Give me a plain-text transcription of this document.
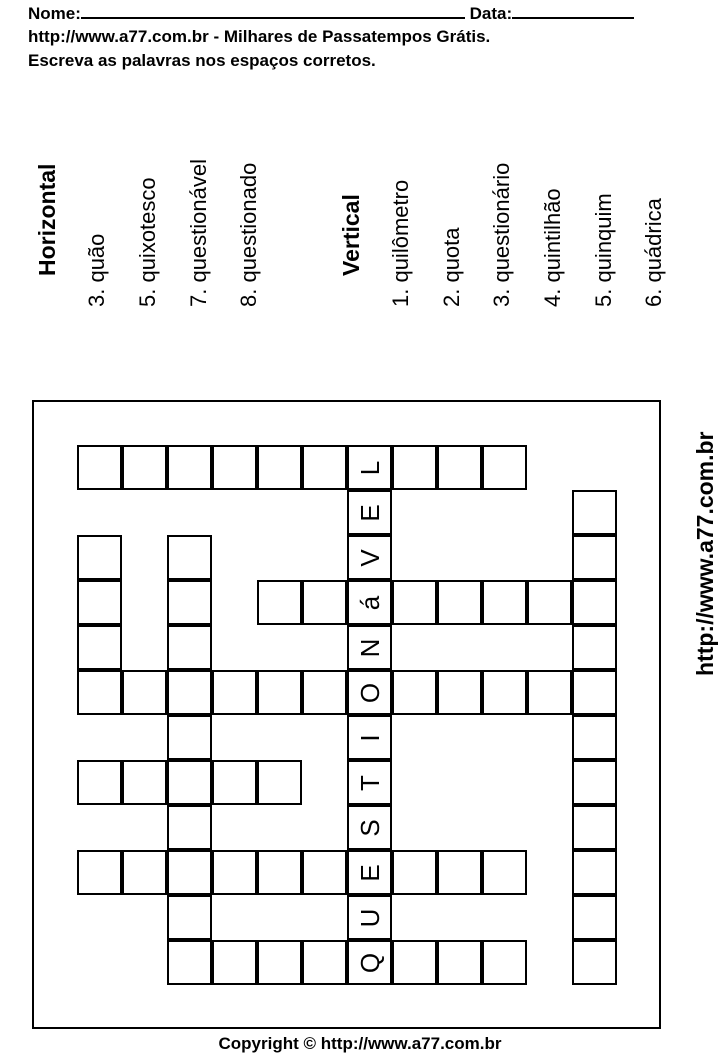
Nome:	Data:
http://www.a77.com.br - Milhares de Passatempos Grátis.
Escreva as palavras nos espaços corretos.
Horizontal 3. quão 5. quixotesco 7. questionável 8. questionado	Vertical 1. quilômetro 2. quota 3. questionário 4. quintilhão 5. quinquim 6. quádrica
http://www.a77.com.br
L
E
V
á
N
O
I
T
S
E
U
Q
Copyright © http://www.a77.com.br
